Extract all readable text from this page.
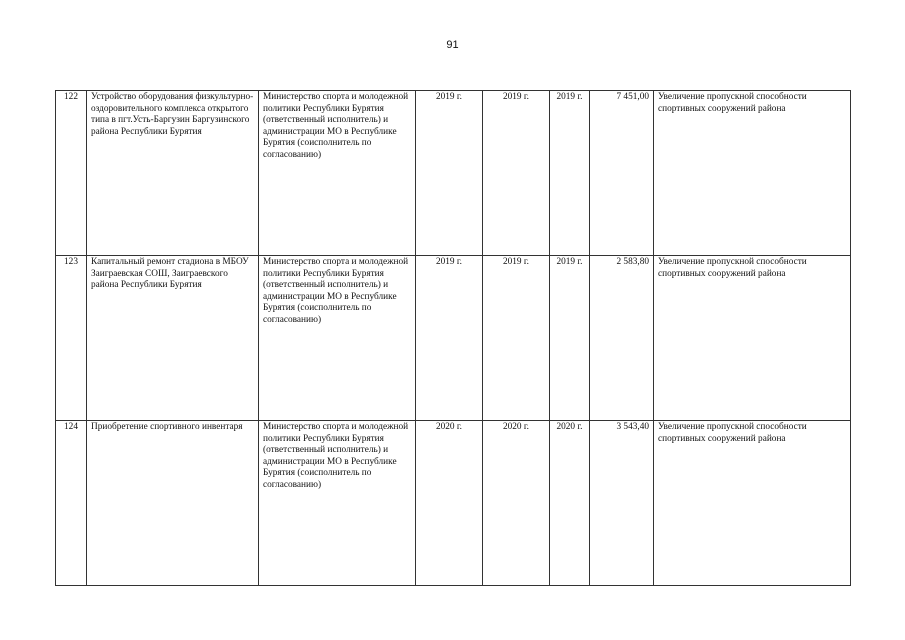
91
122	Устройство оборудования физкультурно-оздоровительного комплекса открытого типа в пгт.Усть-Баргузин Баргузинского района Республики Бурятия	Министерство спорта и молодежной политики Республики Бурятия (ответственный исполнитель) и администрации МО в Республике Бурятия (соисполнитель по согласованию)	2019 г.	2019 г.	2019 г.	7 451,00	Увеличение пропускной способности спортивных сооружений района
123	Капитальный ремонт стадиона в МБОУ Заиграевская СОШ, Заиграевского района Республики Бурятия	Министерство спорта и молодежной политики Республики Бурятия (ответственный исполнитель) и администрации МО в Республике Бурятия (соисполнитель по согласованию)	2019 г.	2019 г.	2019 г.	2 583,80	Увеличение пропускной способности спортивных сооружений района
124	Приобретение спортивного инвентаря	Министерство спорта и молодежной политики Республики Бурятия (ответственный исполнитель) и администрации МО в Республике Бурятия (соисполнитель по согласованию)	2020 г.	2020 г.	2020 г.	3 543,40	Увеличение пропускной способности спортивных сооружений района
